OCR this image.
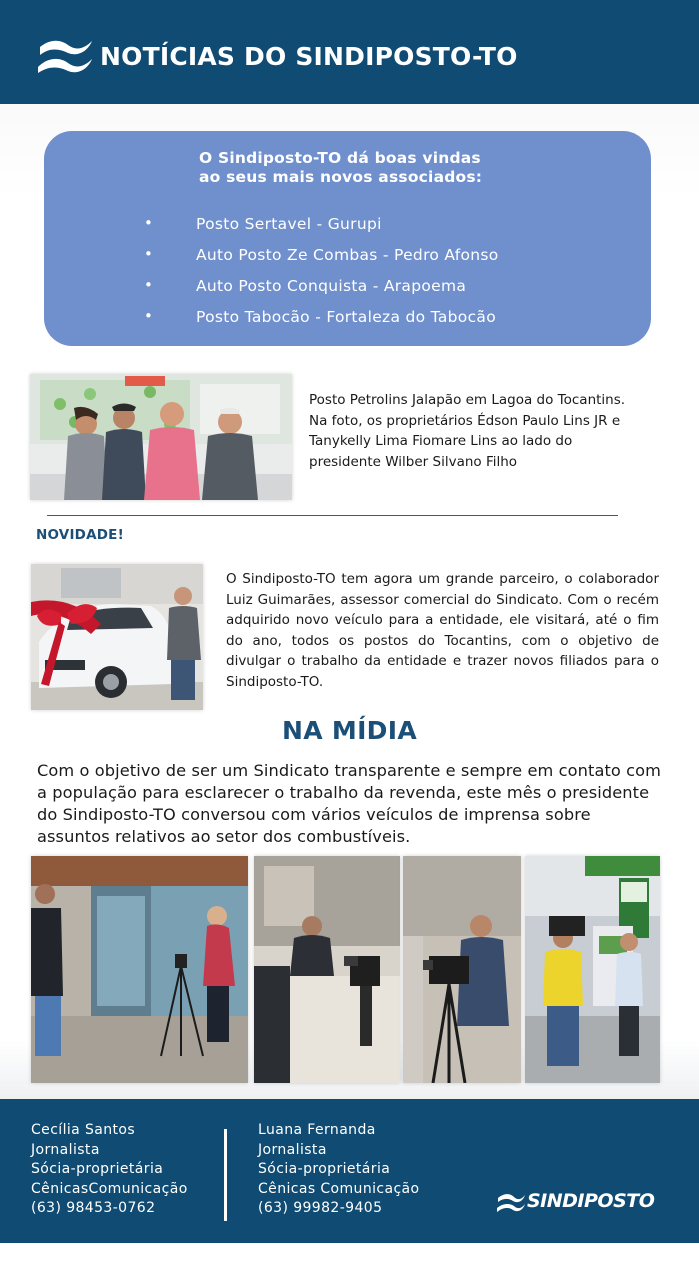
NOTÍCIAS DO SINDIPOSTO-TO
O Sindiposto-TO dá boas vindas
ao seus mais novos associados:
•	Posto Sertavel - Gurupi
•	Auto Posto Ze Combas - Pedro Afonso
•	Auto Posto Conquista - Arapoema
•	Posto Tabocão - Fortaleza do Tabocão
Posto Petrolins Jalapão em Lagoa do Tocantins. Na foto, os proprietários Édson Paulo Lins JR e Tanykelly Lima Fiomare Lins ao lado do presidente Wilber Silvano Filho
NOVIDADE!
O Sindiposto-TO tem agora um grande parceiro, o colaborador Luiz Guimarães, assessor comercial do Sindicato. Com o recém adquirido novo veículo para a entidade, ele visitará, até o fim do ano, todos os postos do Tocantins, com o objetivo de divulgar o trabalho da entidade e trazer novos filiados para o Sindiposto-TO.
NA MÍDIA
Com o objetivo de ser um Sindicato transparente e sempre em contato com a população para esclarecer o trabalho da revenda, este mês o presidente do Sindiposto-TO conversou com vários veículos de imprensa sobre assuntos relativos ao setor dos combustíveis.
Cecília Santos
Jornalista
Sócia-proprietária
CênicasComunicação
(63) 98453-0762
Luana Fernanda
Jornalista
Sócia-proprietária
Cênicas Comunicação
(63) 99982-9405	SINDIPOSTO
